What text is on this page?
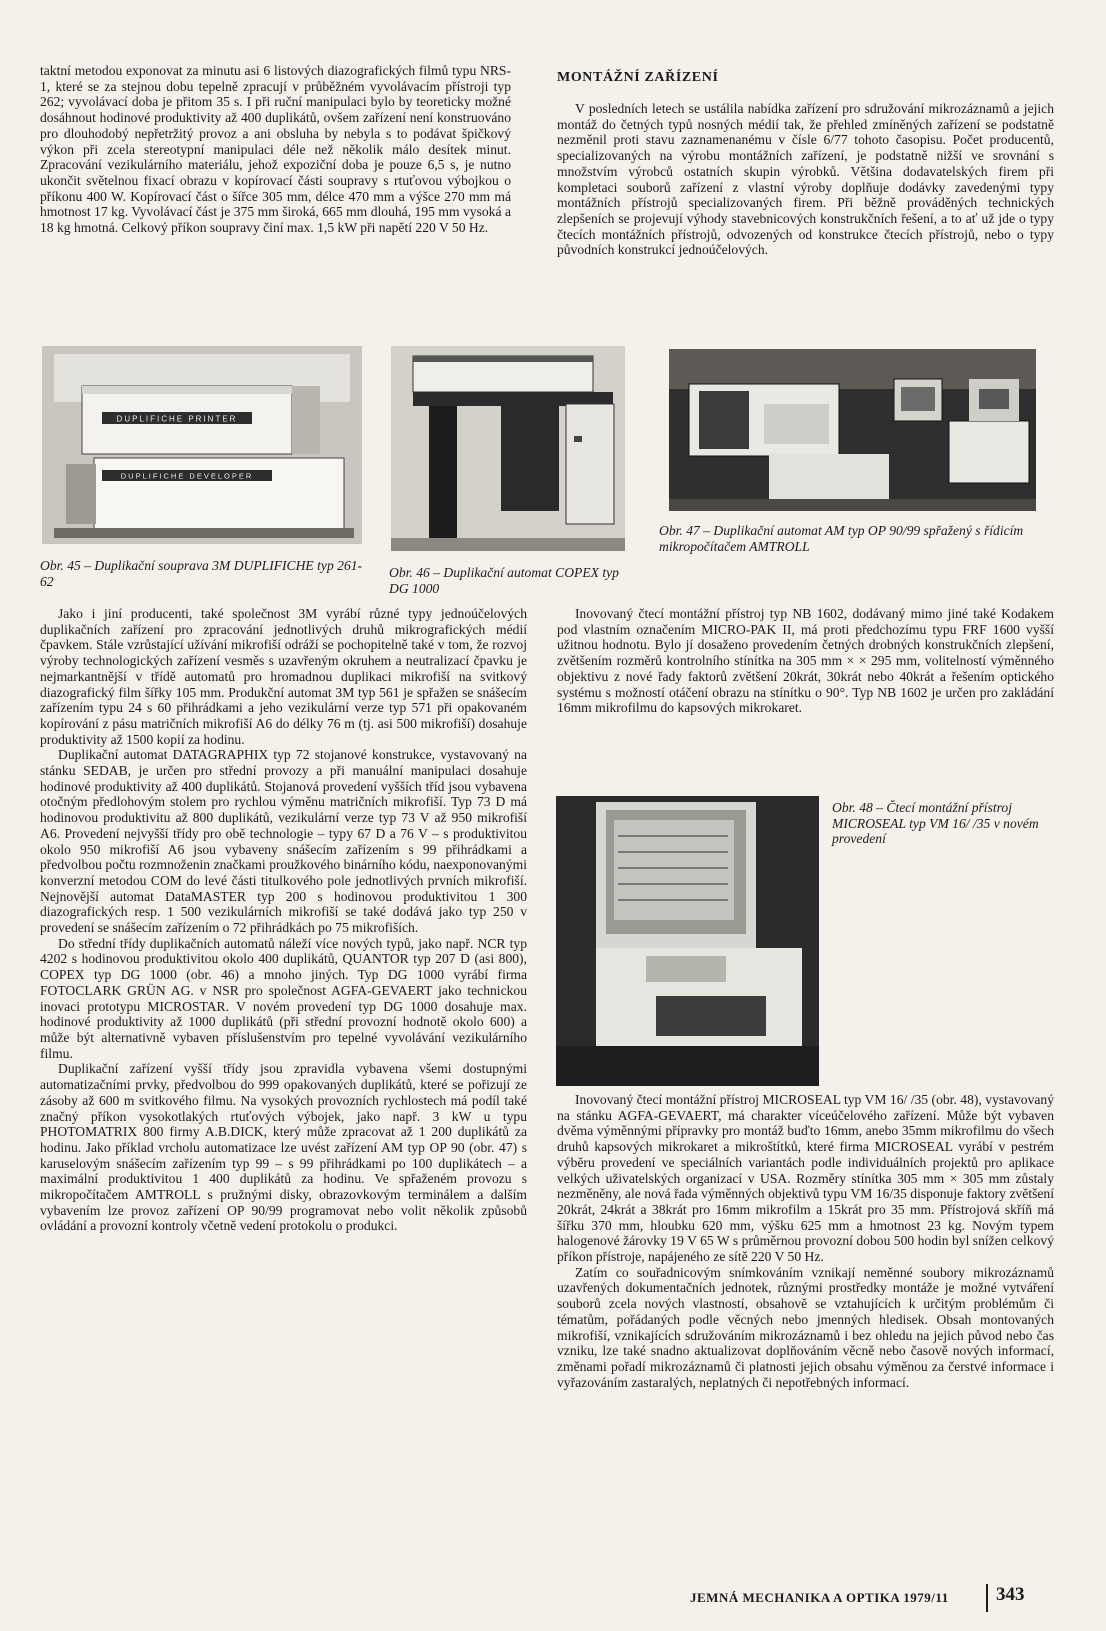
taktní metodou exponovat za minutu asi 6 listových diazografických filmů typu NRS-1, které se za stejnou dobu tepelně zpracují v průběžném vyvolávacím přístroji typ 262; vyvolávací doba je přitom 35 s. I při ruční manipulaci bylo by teoreticky možné dosáhnout hodinové produktivity až 400 duplikátů, ovšem zařízení není konstruováno pro dlouhodobý nepřetržitý provoz a ani obsluha by nebyla s to podávat špičkový výkon při zcela stereotypní manipulaci déle než několik málo desítek minut. Zpracování vezikulárního materiálu, jehož expoziční doba je pouze 6,5 s, je nutno ukončit světelnou fixací obrazu v kopírovací části soupravy s rtuťovou výbojkou o příkonu 400 W. Kopírovací část o šířce 305 mm, délce 470 mm a výšce 270 mm má hmotnost 17 kg. Vyvolávací část je 375 mm široká, 665 mm dlouhá, 195 mm vysoká a 18 kg hmotná. Celkový příkon soupravy činí max. 1,5 kW při napětí 220 V 50 Hz.

MONTÁŽNÍ ZAŘÍZENÍ

V posledních letech se ustálila nabídka zařízení pro sdružování mikrozáznamů a jejich montáž do četných typů nosných médií tak, že přehled zmíněných zařízení se podstatně nezměnil proti stavu zaznamenanému v čísle 6/77 tohoto časopisu. Počet producentů, specializovaných na výrobu montážních zařízení, je podstatně nižší ve srovnání s množstvím výrobců ostatních skupin výrobků. Většina dodavatelských firem při kompletaci souborů zařízení z vlastní výroby doplňuje dodávky zavedenými typy montážních přístrojů specializovaných firem. Při běžně prováděných technických zlepšeních se projevují výhody stavebnicových konstrukčních řešení, a to ať už jde o typy čtecích montážních přístrojů, odvozených od konstrukce čtecích přístrojů, nebo o typy původních konstrukcí jednoúčelových.

DUPLIFICHE PRINTER
DUPLIFICHE DEVELOPER
Obr. 45 – Duplikační souprava 3M DUPLIFICHE typ 261-62
Obr. 46 – Duplikační automat COPEX typ DG 1000
Obr. 47 – Duplikační automat AM typ OP 90/99 spřažený s řídicím mikropočítačem AMTROLL

Jako i jiní producenti, také společnost 3M vyrábí různé typy jednoúčelových duplikačních zařízení pro zpracování jednotlivých druhů mikrografických médií čpavkem. Stále vzrůstající užívání mikrofiší odráží se pochopitelně také v tom, že rozvoj výroby technologických zařízení vesměs s uzavřeným okruhem a neutralizací čpavku je nejmarkantnější v třídě automatů pro hromadnou duplikaci mikrofiší na svitkový diazografický film šířky 105 mm. Produkční automat 3M typ 561 je spřažen se snášecím zařízením typu 24 s 60 přihrádkami a jeho vezikulární verze typ 571 při opakovaném kopírování z pásu matričních mikrofiší A6 do délky 76 m (tj. asi 500 mikrofiší) dosahuje produktivity až 1500 kopií za hodinu.

Duplikační automat DATAGRAPHIX typ 72 stojanové konstrukce, vystavovaný na stánku SEDAB, je určen pro střední provozy a při manuální manipulaci dosahuje hodinové produktivity až 400 duplikátů. Stojanová provedení vyšších tříd jsou vybavena otočným předlohovým stolem pro rychlou výměnu matričních mikrofiší. Typ 73 D má hodinovou produktivitu až 800 duplikátů, vezikulární verze typ 73 V až 950 mikrofiší A6. Provedení nejvyšší třídy pro obě technologie – typy 67 D a 76 V – s produktivitou okolo 950 mikrofiší A6 jsou vybaveny snášecím zařízením s 99 přihrádkami a předvolbou počtu rozmnoženin značkami proužkového binárního kódu, naexponovanými konverzní metodou COM do levé části titulkového pole jednotlivých prvních mikrofiší. Nejnovější automat DataMASTER typ 200 s hodinovou produktivitou 1 300 diazografických resp. 1 500 vezikulárních mikrofiší se také dodává jako typ 250 v provedení se snášecím zařízením o 72 přihrádkách po 75 mikrofiších.

Do střední třídy duplikačních automatů náleží více nových typů, jako např. NCR typ 4202 s hodinovou produktivitou okolo 400 duplikátů, QUANTOR typ 207 D (asi 800), COPEX typ DG 1000 (obr. 46) a mnoho jiných. Typ DG 1000 vyrábí firma FOTOCLARK GRÜN AG. v NSR pro společnost AGFA-GEVAERT jako technickou inovaci prototypu MICROSTAR. V novém provedení typ DG 1000 dosahuje max. hodinové produktivity až 1000 duplikátů (při střední provozní hodnotě okolo 600) a může být alternativně vybaven příslušenstvím pro tepelné vyvolávání vezikulárního filmu.

Duplikační zařízení vyšší třídy jsou zpravidla vybavena všemi dostupnými automatizačními prvky, předvolbou do 999 opakovaných duplikátů, které se pořizují ze zásoby až 600 m svitkového filmu. Na vysokých provozních rychlostech má podíl také značný příkon vysokotlakých rtuťových výbojek, jako např. 3 kW u typu PHOTOMATRIX 800 firmy A.B.DICK, který může zpracovat až 1 200 duplikátů za hodinu. Jako příklad vrcholu automatizace lze uvést zařízení AM typ OP 90 (obr. 47) s karuselovým snášecím zařízením typ 99 – s 99 přihrádkami po 100 duplikátech – a maximální produktivitou 1 400 duplikátů za hodinu. Ve spřaženém provozu s mikropočítačem AMTROLL s pružnými disky, obrazovkovým terminálem a dalším vybavením lze provoz zařízení OP 90/99 programovat nebo volit několik způsobů ovládání a provozní kontroly včetně vedení protokolu o produkci.

Inovovaný čtecí montážní přístroj typ NB 1602, dodávaný mimo jiné také Kodakem pod vlastním označením MICRO-PAK II, má proti předchozímu typu FRF 1600 vyšší užitnou hodnotu. Bylo jí dosaženo provedením četných drobných konstrukčních zlepšení, zvětšením rozměrů kontrolního stínítka na 305 mm × × 295 mm, volitelností výměnného objektivu z nové řady faktorů zvětšení 20krát, 30krát nebo 40krát a řešením optického systému s možností otáčení obrazu na stínítku o 90°. Typ NB 1602 je určen pro zakládání 16mm mikrofilmu do kapsových mikrokaret.

Obr. 48 – Čtecí montážní přístroj MICROSEAL typ VM 16/ /35 v novém provedení

Inovovaný čtecí montážní přístroj MICROSEAL typ VM 16/ /35 (obr. 48), vystavovaný na stánku AGFA-GEVAERT, má charakter víceúčelového zařízení. Může být vybaven dvěma výměnnými přípravky pro montáž buďto 16mm, anebo 35mm mikrofilmu do všech druhů kapsových mikrokaret a mikroštítků, které firma MICROSEAL vyrábí v pestrém výběru provedení ve speciálních variantách podle individuálních projektů pro aplikace velkých uživatelských organizací v USA. Rozměry stínítka 305 mm × 305 mm zůstaly nezměněny, ale nová řada výměnných objektivů typu VM 16/35 disponuje faktory zvětšení 20krát, 24krát a 38krát pro 16mm mikrofilm a 15krát pro 35 mm. Přístrojová skříň má šířku 370 mm, hloubku 620 mm, výšku 625 mm a hmotnost 23 kg. Novým typem halogenové žárovky 19 V 65 W s průměrnou provozní dobou 500 hodin byl snížen celkový příkon přístroje, napájeného ze sítě 220 V 50 Hz.

Zatím co souřadnicovým snímkováním vznikají neměnné soubory mikrozáznamů uzavřených dokumentačních jednotek, různými prostředky montáže je možné vytváření souborů zcela nových vlastností, obsahově se vztahujících k určitým problémům či tématům, pořádaných podle věcných nebo jmenných hledisek. Obsah montovaných mikrofiší, vznikajících sdružováním mikrozáznamů i bez ohledu na jejich původ nebo čas vzniku, lze také snadno aktualizovat doplňováním věcně nebo časově nových informací, změnami pořadí mikrozáznamů či platnosti jejich obsahu výměnou za čerstvé informace i vyřazováním zastaralých, neplatných či nepotřebných informací.

JEMNÁ MECHANIKA A OPTIKA 1979/11 343
